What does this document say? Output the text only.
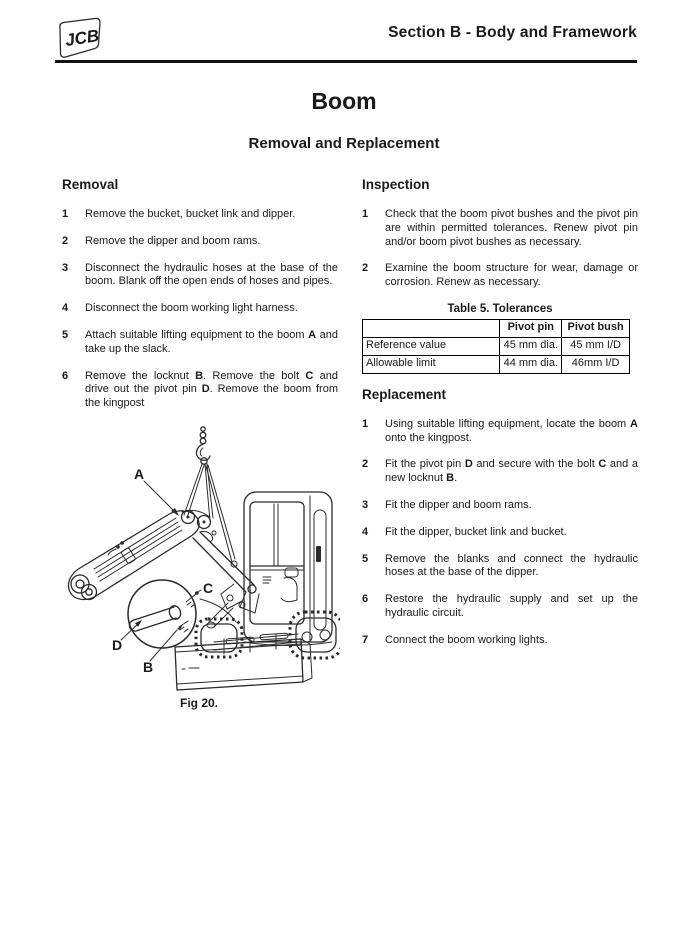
JCB	Section B - Body and Framework
Boom
Removal and Replacement
Removal
1	Remove the bucket, bucket link and dipper.
2	Remove the dipper and boom rams.
3	Disconnect the hydraulic hoses at the base of the boom. Blank off the open ends of hoses and pipes.
4	Disconnect the boom working light harness.
5	Attach suitable lifting equipment to the boom A and take up the slack.
6	Remove the locknut B. Remove the bolt C and drive out the pivot pin D. Remove the boom from the kingpost
Inspection
1	Check that the boom pivot bushes and the pivot pin are within permitted tolerances. Renew pivot pin and/or boom pivot bushes as necessary.
2	Examine the boom structure for wear, damage or corrosion. Renew as necessary.
Table 5. Tolerances
	Pivot pin	Pivot bush
Reference value	45 mm dia.	45 mm I/D
Allowable limit	44 mm dia.	46mm I/D
Replacement
1	Using suitable lifting equipment, locate the boom A onto the kingpost.
2	Fit the pivot pin D and secure with the bolt C and a new locknut B.
3	Fit the dipper and boom rams.
4	Fit the dipper, bucket link and bucket.
5	Remove the blanks and connect the hydraulic hoses at the base of the dipper.
6	Restore the hydraulic supply and set up the hydraulic circuit.
7	Connect the boom working lights.
A
C
D
B
Fig 20.
